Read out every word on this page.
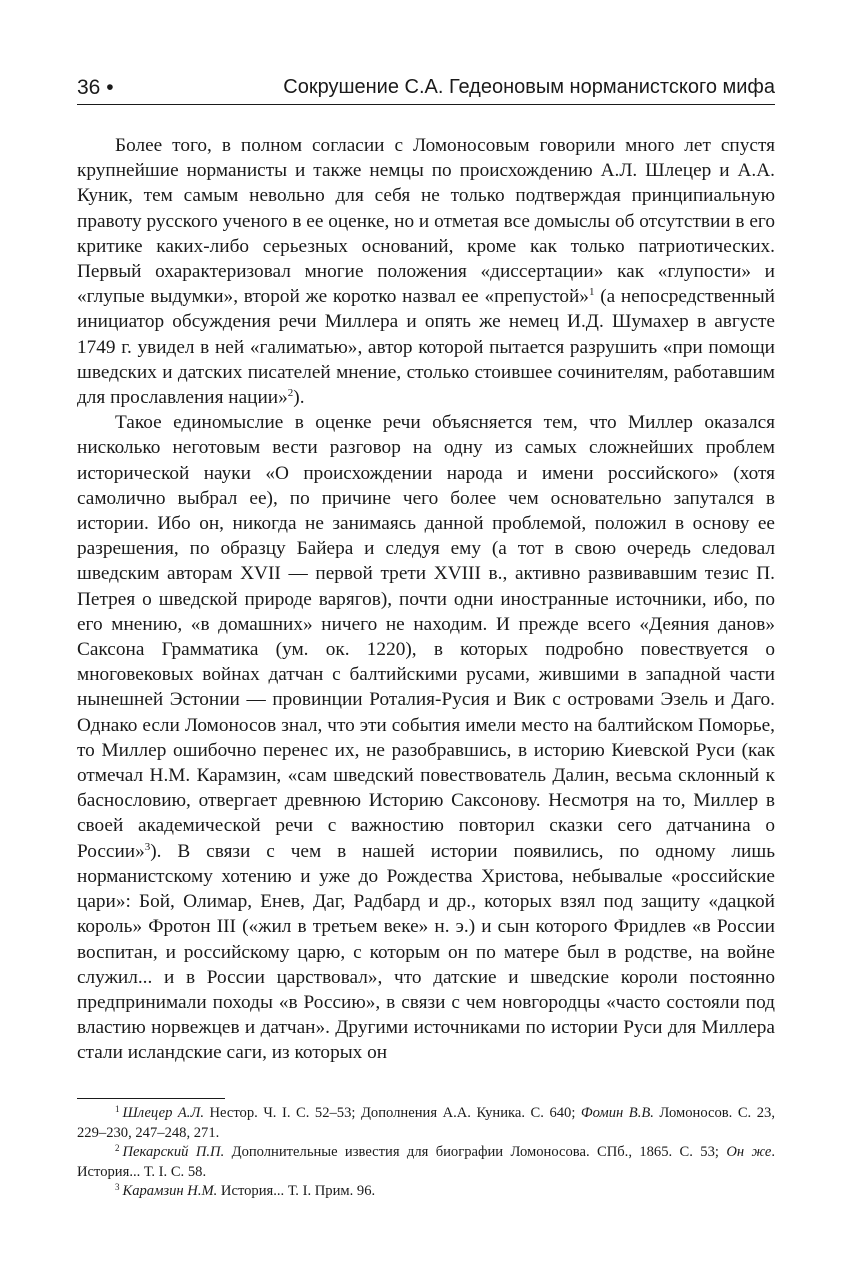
36 •	Сокрушение С.А. Гедеоновым норманистского мифа

Более того, в полном согласии с Ломоносовым говорили много лет спустя крупнейшие норманисты и также немцы по происхождению А.Л. Шлецер и А.А. Куник, тем самым невольно для себя не только подтверждая принципиальную правоту русского ученого в ее оценке, но и отметая все домыслы об отсутствии в его критике каких-либо серьезных оснований, кроме как только патриотических. Первый охарактеризовал многие положения «диссертации» как «глупости» и «глупые выдумки», второй же коротко назвал ее «препустой»$^1$ (а непосредственный инициатор обсуждения речи Миллера и опять же немец И.Д. Шумахер в августе 1749 г. увидел в ней «галиматью», автор которой пытается разрушить «при помощи шведских и датских писателей мнение, столько стоившее сочинителям, работавшим для прославления нации»$^2$).

Такое единомыслие в оценке речи объясняется тем, что Миллер оказался нисколько неготовым вести разговор на одну из самых сложнейших проблем исторической науки «О происхождении народа и имени российского» (хотя самолично выбрал ее), по причине чего более чем основательно запутался в истории. Ибо он, никогда не занимаясь данной проблемой, положил в основу ее разрешения, по образцу Байера и следуя ему (а тот в свою очередь следовал шведским авторам XVII — первой трети XVIII в., активно развивавшим тезис П. Петрея о шведской природе варягов), почти одни иностранные источники, ибо, по его мнению, «в домашних» ничего не находим. И прежде всего «Деяния данов» Саксона Грамматика (ум. ок. 1220), в которых подробно повествуется о многовековых войнах датчан с балтийскими русами, жившими в западной части нынешней Эстонии — провинции Роталия-Русия и Вик с островами Эзель и Даго. Однако если Ломоносов знал, что эти события имели место на балтийском Поморье, то Миллер ошибочно перенес их, не разобравшись, в историю Киевской Руси (как отмечал Н.М. Карамзин, «сам шведский повествователь Далин, весьма склонный к баснословию, отвергает древнюю Историю Саксонову. Несмотря на то, Миллер в своей академической речи с важностию повторил сказки сего датчанина о России»$^3$). В связи с чем в нашей истории появились, по одному лишь норманистскому хотению и уже до Рождества Христова, небывалые «российские цари»: Бой, Олимар, Енев, Даг, Радбард и др., которых взял под защиту «дацкой король» Фротон III («жил в третьем веке» н. э.) и сын которого Фридлев «в России воспитан, и российскому царю, с которым он по матере был в родстве, на войне служил... и в России царствовал», что датские и шведские короли постоянно предпринимали походы «в Россию», в связи с чем новгородцы «часто состояли под властию норвежцев и датчан». Другими источниками по истории Руси для Миллера стали исландские саги, из которых он

$^1$ Шлецер А.Л. Нестор. Ч. I. С. 52–53; Дополнения А.А. Куника. С. 640; Фомин В.В. Ломоносов. С. 23, 229–230, 247–248, 271.

$^2$ Пекарский П.П. Дополнительные известия для биографии Ломоносова. СПб., 1865. С. 53; Он же. История... Т. I. С. 58.

$^3$ Карамзин Н.М. История... Т. I. Прим. 96.
